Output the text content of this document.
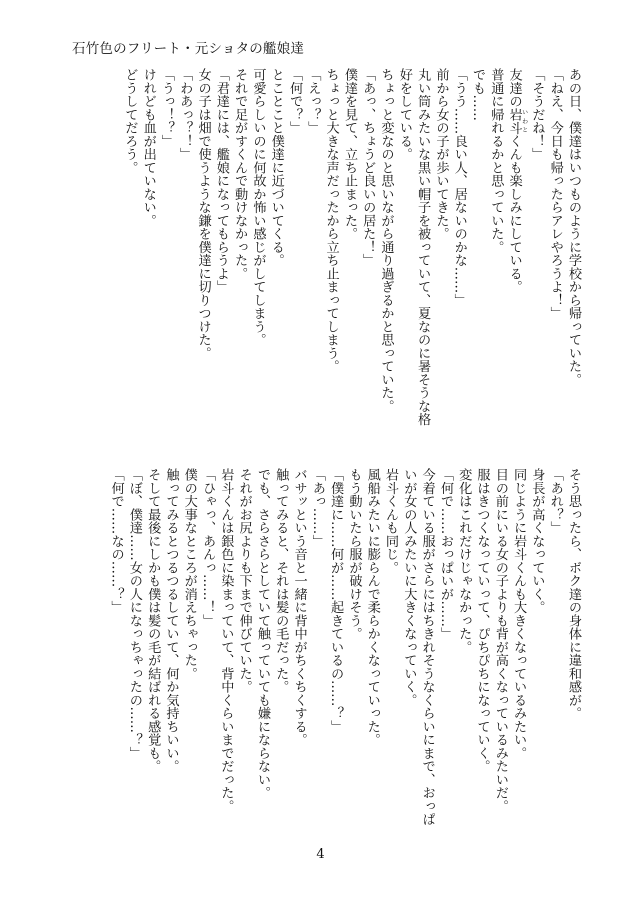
石竹色のフリート・元ショタの艦娘達
あの日、僕達はいつものように学校から帰っていた。
「ねえ、今日も帰ったらアレやろうよ！」
「そうだね！」
友達の岩斗 いわとくんも楽しみにしている。
普通に帰れるかと思っていた。
でも……
「うう……良い人、居ないのかな……」
前から女の子が歩いてきた。
丸い筒みたいな黒い帽子を被っていて、夏なのに暑そうな格
好をしている。
ちょっと変なのと思いながら通り過ぎるかと思っていた。
「あっ、ちょうど良いの居た！」
僕達を見て、立ち止まった。
ちょっと大きな声だったから立ち止まってしまう。
「えっ？」
「何で？」
とことこと僕達に近づいてくる。
可愛らしいのに何故か怖い感じがしてしまう。
それで足がすくんで動けなかった。
「君達には、艦娘になってもらうよ」
女の子は畑で使うような鎌を僕達に切りつけた。
「わあっ？！」
「うっ！？」
けれども血が出ていない。
どうしてだろう。
そう思ったら、ボク達の身体に違和感が。
「あれ？」
身長が高くなっていく。
同じように岩斗くんも大きくなっているみたい。
目の前にいる女の子よりも背が高くなっているみたいだ。
服はきつくなっていって、ぴちぴちになっていく。
変化はこれだけじゃなかった。
「何で……おっぱいが……」
今着ている服がさらにはちきれそうなくらいにまで、おっぱ
いが女の人みたいに大きくなっていく。
岩斗くんも同じ。
風船みたいに膨らんで柔らかくなっていった。
もう動いたら服が破けそう。
「僕達に……何が……起きているの……？」
「あっ……」
バサッという音と一緒に背中がちくちくする。
触ってみると、それは髪の毛だった。
でも、さらさらとしていて触っていても嫌にならない。
それがお尻よりも下まで伸びていた。
岩斗くんは銀色に染まっていて、背中くらいまでだった。
「ひゃっ、あんっ……！」
僕の大事なところが消えちゃった。
触ってみるとつるつるしていて、何か気持ちいい。
そして最後にしかも僕は髪の毛が結ばれる感覚も。
「ぼ、僕達……女の人になっちゃったの……？」
「何で……なの……？」
4
